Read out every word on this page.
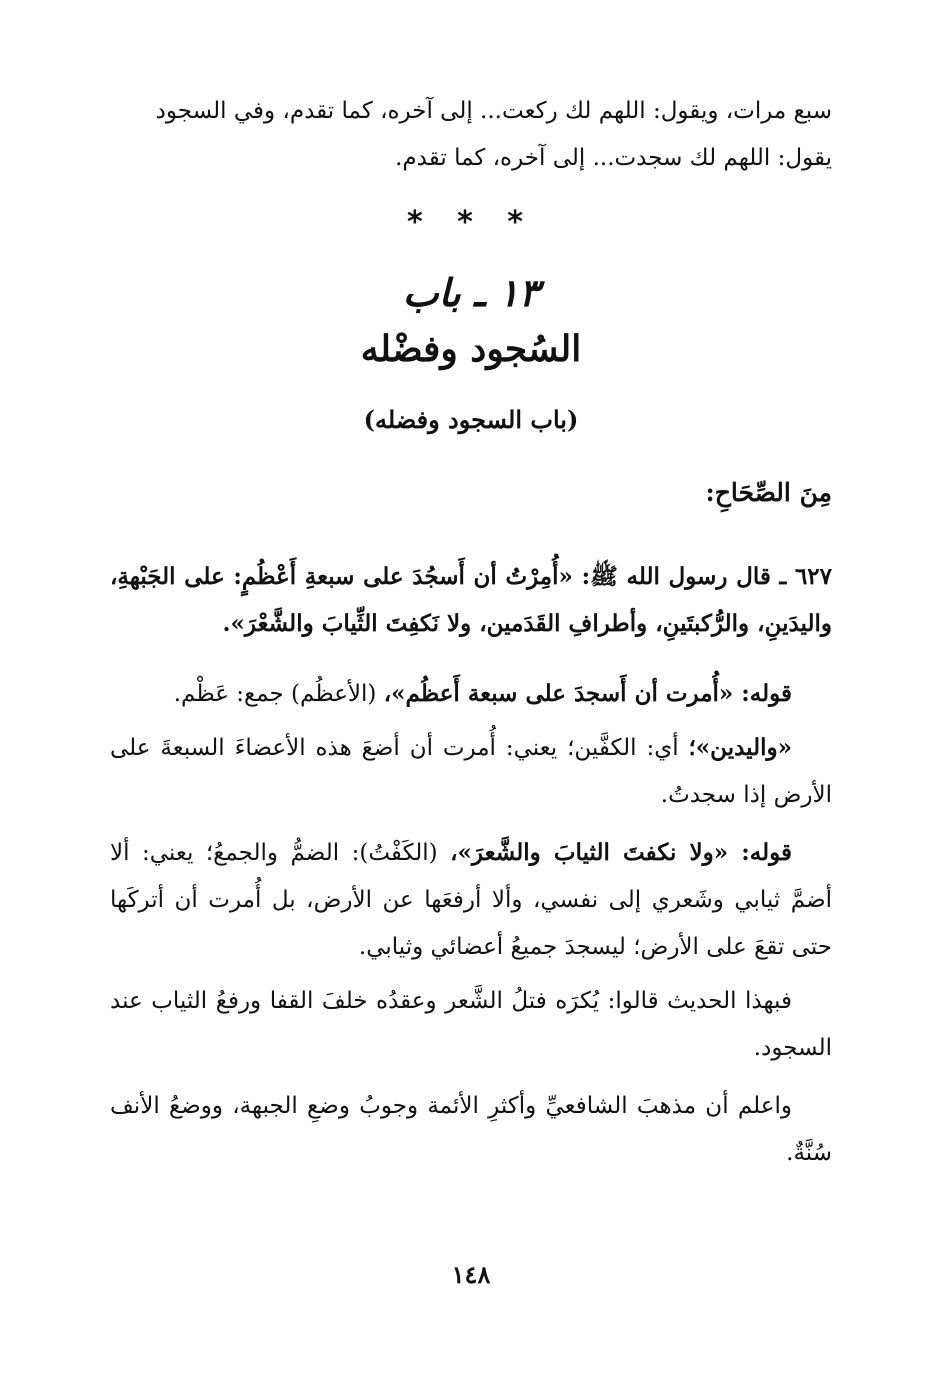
سبع مرات، ويقول: اللهم لك ركعت... إلى آخره، كما تقدم، وفي السجود

يقول: اللهم لك سجدت... إلى آخره، كما تقدم.

* * *
١٣ ـ باب
السُجود وفضْله
(باب السجود وفضله)
مِنَ الصِّحَاحِ:

٦٢٧ ـ قال رسول الله ﷺ: «أُمِرْتُ أن أَسجُدَ على سبعةِ أَعْظُمٍ: على الجَبْهةِ، واليدَينِ، والرُّكبتَينِ، وأطرافِ القَدَمين، ولا نَكفِتَ الثِّيابَ والشَّعْرَ».

قوله: «أُمرت أن أَسجدَ على سبعة أَعظُم»، (الأعظُم) جمع: عَظْم.

«واليدين»؛ أي: الكفَّين؛ يعني: أُمرت أن أضعَ هذه الأعضاءَ السبعةَ على الأرض إذا سجدتُ.

قوله: «ولا نكفتَ الثيابَ والشَّعرَ»، (الكَفْتُ): الضمُّ والجمعُ؛ يعني: ألا أضمَّ ثيابي وشَعري إلى نفسي، وألا أرفعَها عن الأرض، بل أُمرت أن أتركَها حتى تقعَ على الأرض؛ ليسجدَ جميعُ أعضائي وثيابي.

فبهذا الحديث قالوا: يُكرَه فتلُ الشَّعر وعقدُه خلفَ القفا ورفعُ الثياب عند السجود.

واعلم أن مذهبَ الشافعيِّ وأكثرِ الأئمة وجوبُ وضعِ الجبهة، ووضعُ الأنف سُنَّةٌ.

١٤٨
